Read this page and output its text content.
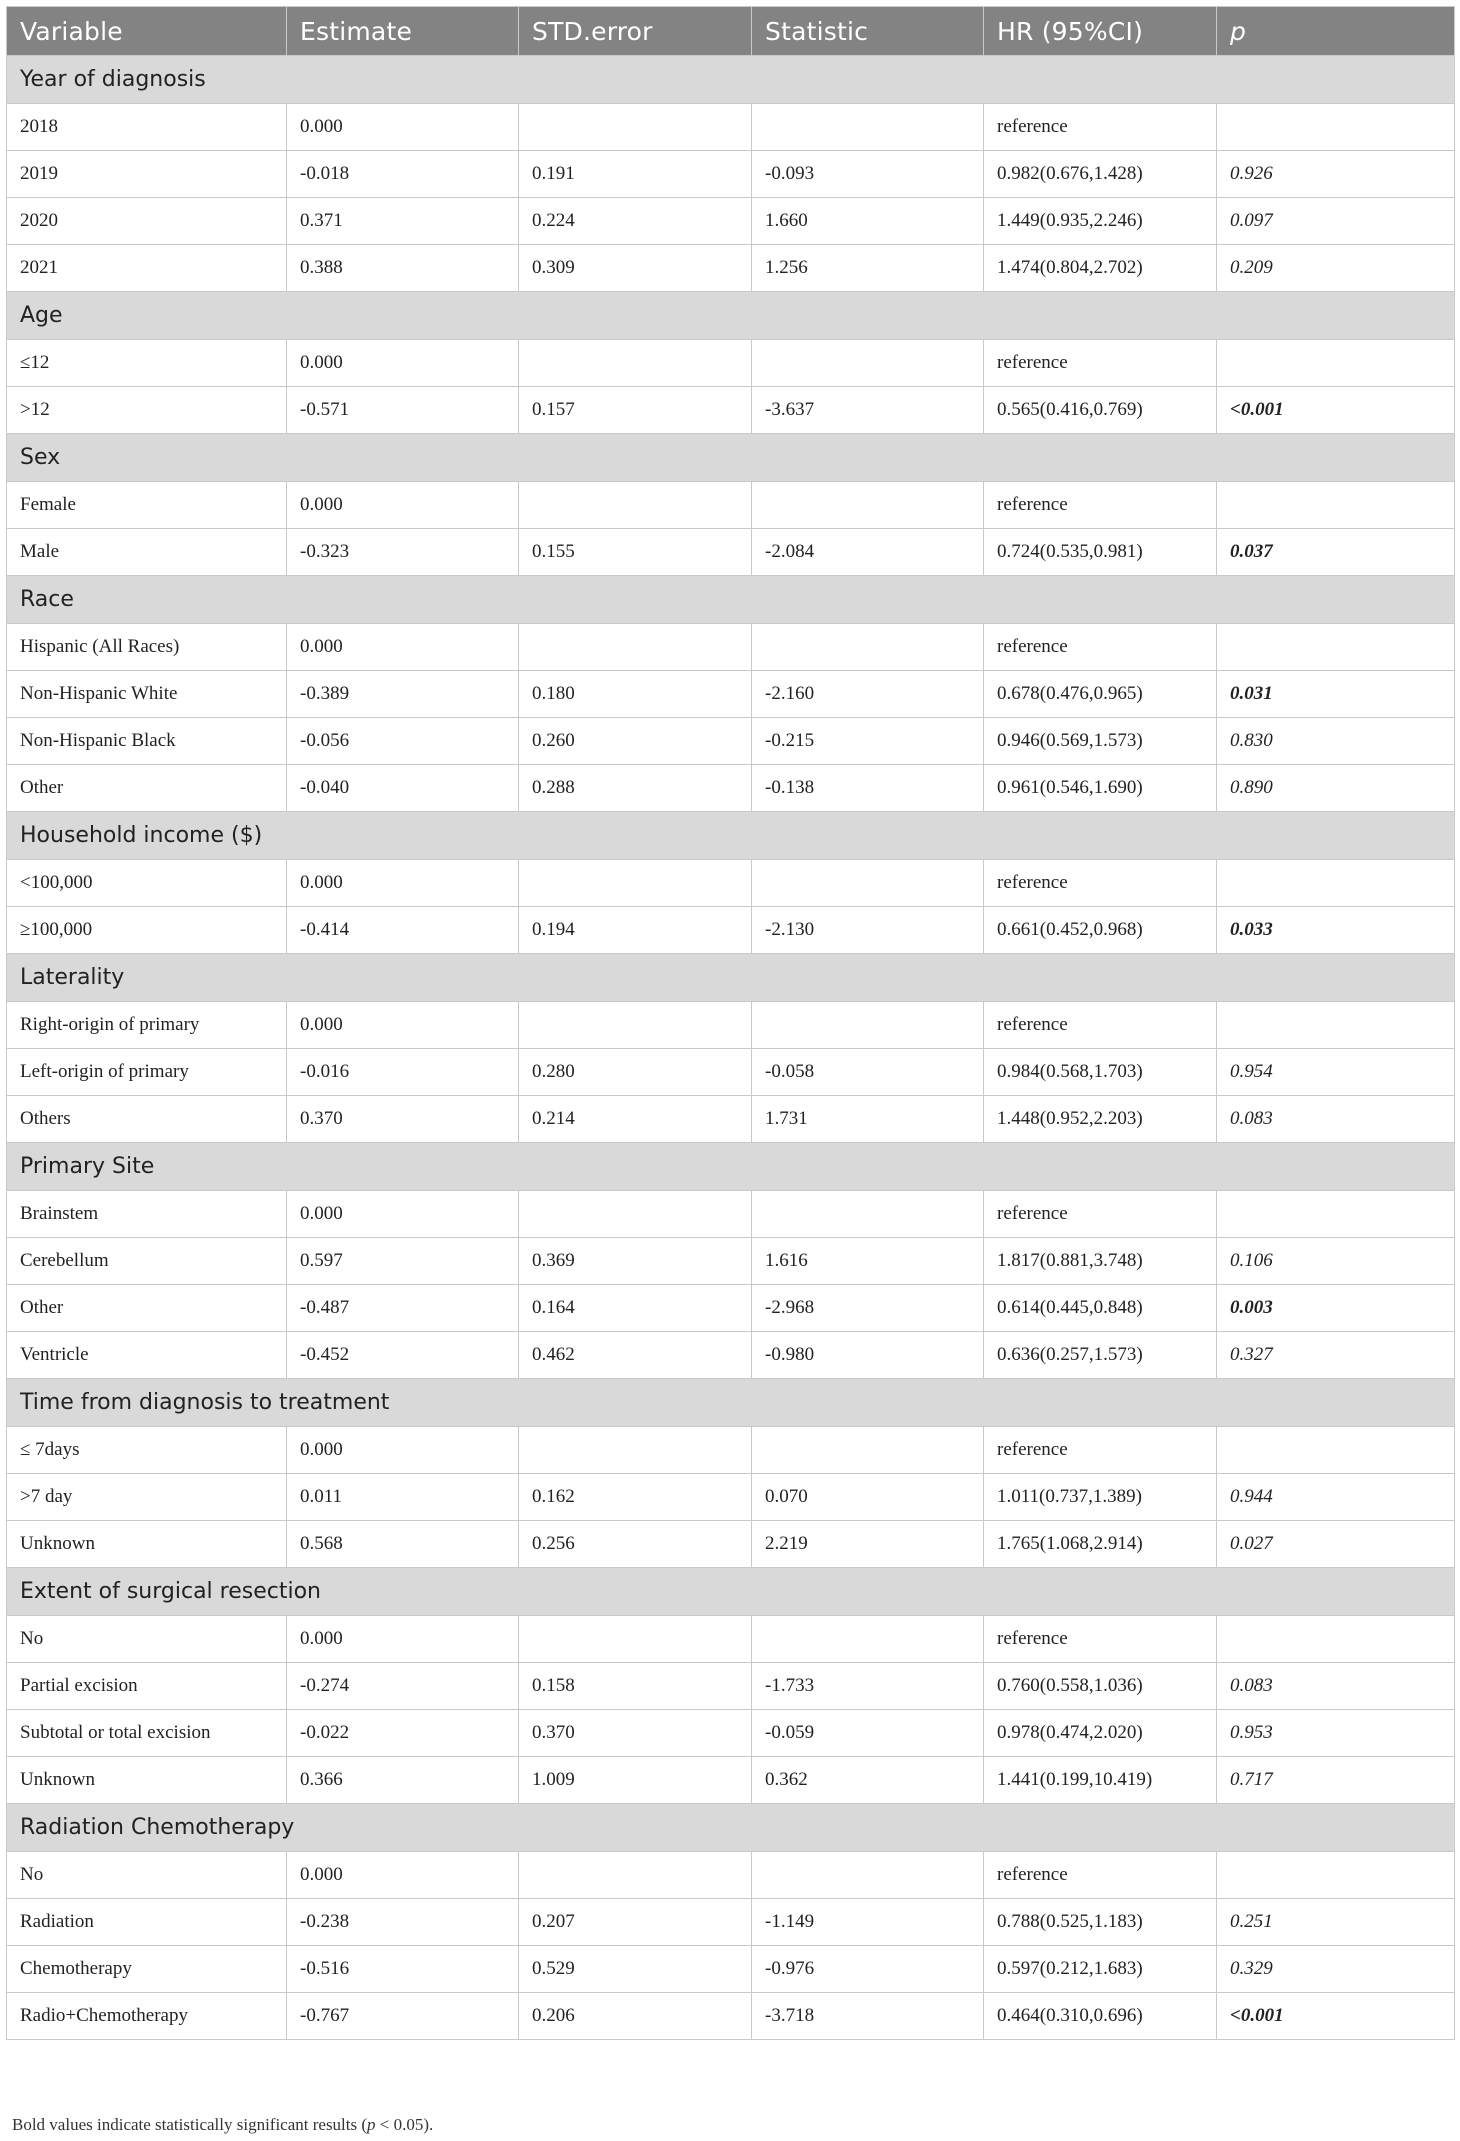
Variable	Estimate	STD.error	Statistic	HR (95%CI)	p
Year of diagnosis					
2018	0.000			reference	
2019	-0.018	0.191	-0.093	0.982(0.676,1.428)	0.926
2020	0.371	0.224	1.660	1.449(0.935,2.246)	0.097
2021	0.388	0.309	1.256	1.474(0.804,2.702)	0.209
Age					
≤12	0.000			reference	
>12	-0.571	0.157	-3.637	0.565(0.416,0.769)	<0.001
Sex					
Female	0.000			reference	
Male	-0.323	0.155	-2.084	0.724(0.535,0.981)	0.037
Race					
Hispanic (All Races)	0.000			reference	
Non-Hispanic White	-0.389	0.180	-2.160	0.678(0.476,0.965)	0.031
Non-Hispanic Black	-0.056	0.260	-0.215	0.946(0.569,1.573)	0.830
Other	-0.040	0.288	-0.138	0.961(0.546,1.690)	0.890
Household income ($)					
<100,000	0.000			reference	
≥100,000	-0.414	0.194	-2.130	0.661(0.452,0.968)	0.033
Laterality					
Right-origin of primary	0.000			reference	
Left-origin of primary	-0.016	0.280	-0.058	0.984(0.568,1.703)	0.954
Others	0.370	0.214	1.731	1.448(0.952,2.203)	0.083
Primary Site					
Brainstem	0.000			reference	
Cerebellum	0.597	0.369	1.616	1.817(0.881,3.748)	0.106
Other	-0.487	0.164	-2.968	0.614(0.445,0.848)	0.003
Ventricle	-0.452	0.462	-0.980	0.636(0.257,1.573)	0.327
Time from diagnosis to treatment					
≤ 7days	0.000			reference	
>7 day	0.011	0.162	0.070	1.011(0.737,1.389)	0.944
Unknown	0.568	0.256	2.219	1.765(1.068,2.914)	0.027
Extent of surgical resection					
No	0.000			reference	
Partial excision	-0.274	0.158	-1.733	0.760(0.558,1.036)	0.083
Subtotal or total excision	-0.022	0.370	-0.059	0.978(0.474,2.020)	0.953
Unknown	0.366	1.009	0.362	1.441(0.199,10.419)	0.717
Radiation Chemotherapy					
No	0.000			reference	
Radiation	-0.238	0.207	-1.149	0.788(0.525,1.183)	0.251
Chemotherapy	-0.516	0.529	-0.976	0.597(0.212,1.683)	0.329
Radio+Chemotherapy	-0.767	0.206	-3.718	0.464(0.310,0.696)	<0.001
Bold values indicate statistically significant results (p < 0.05).
